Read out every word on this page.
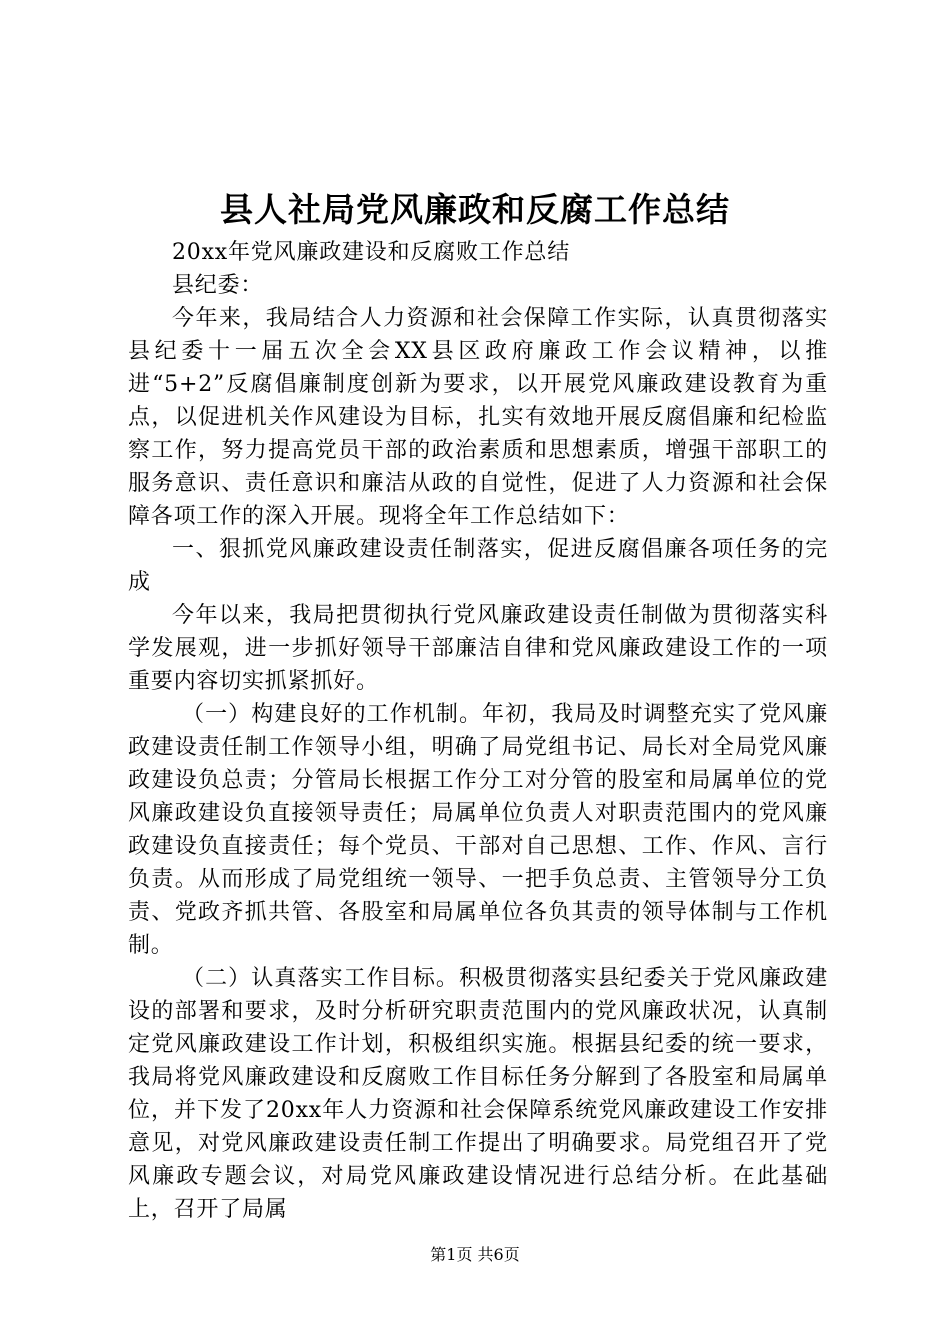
县人社局党风廉政和反腐工作总结

20xx年党风廉政建设和反腐败工作总结

县纪委：

今年来，我局结合人力资源和社会保障工作实际，认真贯彻落实县纪委十一届五次全会XX县区政府廉政工作会议精神，以推进“5+2”反腐倡廉制度创新为要求，以开展党风廉政建设教育为重点，以促进机关作风建设为目标，扎实有效地开展反腐倡廉和纪检监察工作，努力提高党员干部的政治素质和思想素质，增强干部职工的服务意识、责任意识和廉洁从政的自觉性，促进了人力资源和社会保障各项工作的深入开展。现将全年工作总结如下：

一、狠抓党风廉政建设责任制落实，促进反腐倡廉各项任务的完成

今年以来，我局把贯彻执行党风廉政建设责任制做为贯彻落实科学发展观，进一步抓好领导干部廉洁自律和党风廉政建设工作的一项重要内容切实抓紧抓好。

（一）构建良好的工作机制。年初，我局及时调整充实了党风廉政建设责任制工作领导小组，明确了局党组书记、局长对全局党风廉政建设负总责；分管局长根据工作分工对分管的股室和局属单位的党风廉政建设负直接领导责任；局属单位负责人对职责范围内的党风廉政建设负直接责任；每个党员、干部对自己思想、工作、作风、言行负责。从而形成了局党组统一领导、一把手负总责、主管领导分工负责、党政齐抓共管、各股室和局属单位各负其责的领导体制与工作机制。

（二）认真落实工作目标。积极贯彻落实县纪委关于党风廉政建设的部署和要求，及时分析研究职责范围内的党风廉政状况，认真制定党风廉政建设工作计划，积极组织实施。根据县纪委的统一要求，我局将党风廉政建设和反腐败工作目标任务分解到了各股室和局属单位，并下发了20xx年人力资源和社会保障系统党风廉政建设工作安排意见，对党风廉政建设责任制工作提出了明确要求。局党组召开了党风廉政专题会议，对局党风廉政建设情况进行总结分析。在此基础上，召开了局属

第1页 共6页
